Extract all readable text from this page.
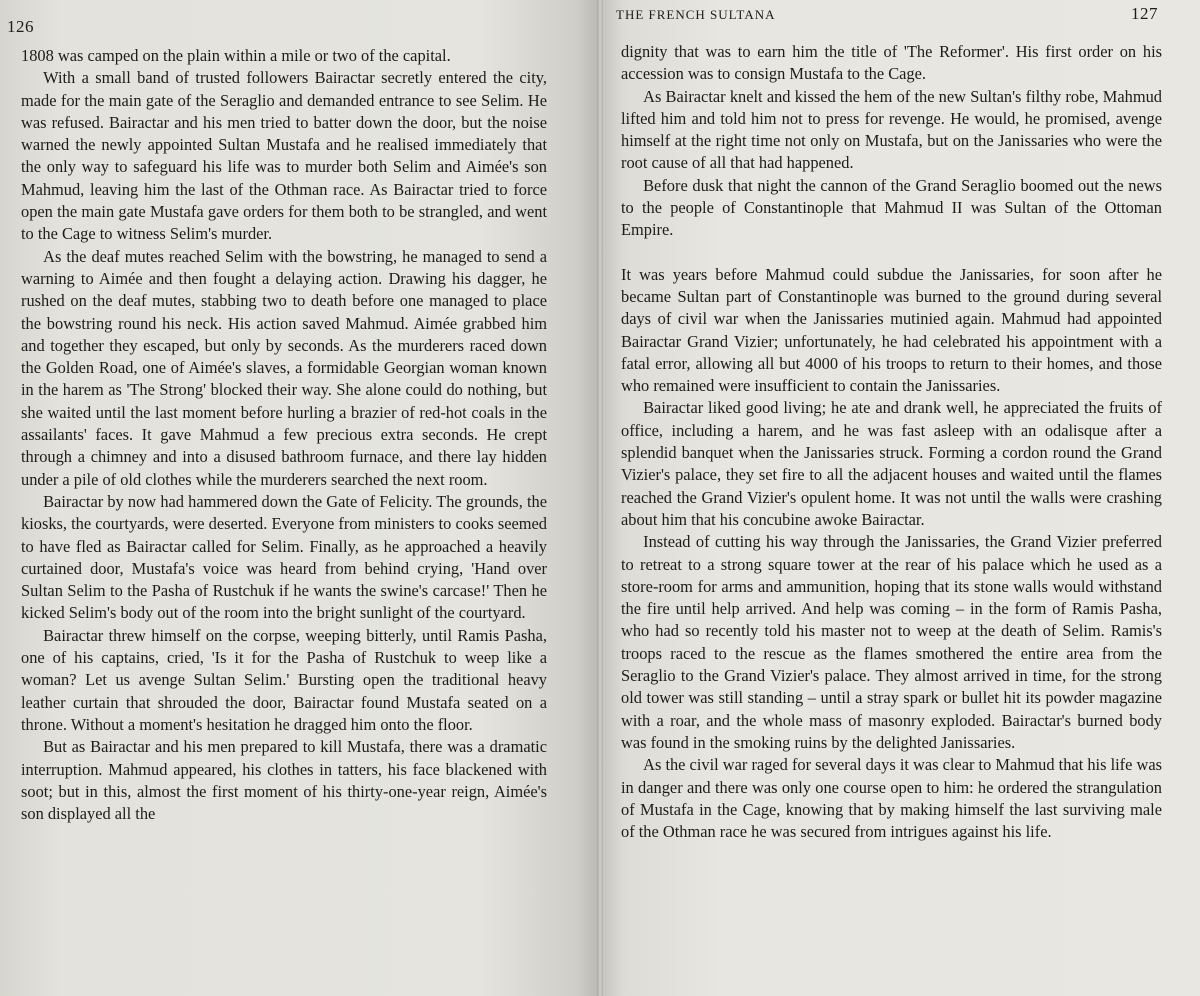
126

1808 was camped on the plain within a mile or two of the capital.

With a small band of trusted followers Bairactar secretly entered the city, made for the main gate of the Seraglio and demanded entrance to see Selim. He was refused. Bairactar and his men tried to batter down the door, but the noise warned the newly appointed Sultan Mustafa and he realised immediately that the only way to safeguard his life was to murder both Selim and Aimée's son Mahmud, leaving him the last of the Othman race. As Bairactar tried to force open the main gate Mustafa gave orders for them both to be strangled, and went to the Cage to witness Selim's murder.

As the deaf mutes reached Selim with the bowstring, he managed to send a warning to Aimée and then fought a delaying action. Drawing his dagger, he rushed on the deaf mutes, stabbing two to death before one managed to place the bowstring round his neck. His action saved Mahmud. Aimée grabbed him and together they escaped, but only by seconds. As the murderers raced down the Golden Road, one of Aimée's slaves, a formidable Georgian woman known in the harem as 'The Strong' blocked their way. She alone could do nothing, but she waited until the last moment before hurling a brazier of red-hot coals in the assailants' faces. It gave Mahmud a few precious extra seconds. He crept through a chimney and into a disused bathroom furnace, and there lay hidden under a pile of old clothes while the murderers searched the next room.

Bairactar by now had hammered down the Gate of Felicity. The grounds, the kiosks, the courtyards, were deserted. Everyone from ministers to cooks seemed to have fled as Bairactar called for Selim. Finally, as he approached a heavily curtained door, Mustafa's voice was heard from behind crying, 'Hand over Sultan Selim to the Pasha of Rustchuk if he wants the swine's carcase!' Then he kicked Selim's body out of the room into the bright sunlight of the courtyard.

Bairactar threw himself on the corpse, weeping bitterly, until Ramis Pasha, one of his captains, cried, 'Is it for the Pasha of Rustchuk to weep like a woman? Let us avenge Sultan Selim.' Bursting open the traditional heavy leather curtain that shrouded the door, Bairactar found Mustafa seated on a throne. Without a moment's hesitation he dragged him onto the floor.

But as Bairactar and his men prepared to kill Mustafa, there was a dramatic interruption. Mahmud appeared, his clothes in tatters, his face blackened with soot; but in this, almost the first moment of his thirty-one-year reign, Aimée's son displayed all the

THE FRENCH SULTANA	127

dignity that was to earn him the title of 'The Reformer'. His first order on his accession was to consign Mustafa to the Cage.

As Bairactar knelt and kissed the hem of the new Sultan's filthy robe, Mahmud lifted him and told him not to press for revenge. He would, he promised, avenge himself at the right time not only on Mustafa, but on the Janissaries who were the root cause of all that had happened.

Before dusk that night the cannon of the Grand Seraglio boomed out the news to the people of Constantinople that Mahmud II was Sultan of the Ottoman Empire.

It was years before Mahmud could subdue the Janissaries, for soon after he became Sultan part of Constantinople was burned to the ground during several days of civil war when the Janissaries mutinied again. Mahmud had appointed Bairactar Grand Vizier; unfortunately, he had celebrated his appointment with a fatal error, allowing all but 4000 of his troops to return to their homes, and those who remained were insufficient to contain the Janissaries.

Bairactar liked good living; he ate and drank well, he appreciated the fruits of office, including a harem, and he was fast asleep with an odalisque after a splendid banquet when the Janissaries struck. Forming a cordon round the Grand Vizier's palace, they set fire to all the adjacent houses and waited until the flames reached the Grand Vizier's opulent home. It was not until the walls were crashing about him that his concubine awoke Bairactar.

Instead of cutting his way through the Janissaries, the Grand Vizier preferred to retreat to a strong square tower at the rear of his palace which he used as a store-room for arms and ammunition, hoping that its stone walls would withstand the fire until help arrived. And help was coming – in the form of Ramis Pasha, who had so recently told his master not to weep at the death of Selim. Ramis's troops raced to the rescue as the flames smothered the entire area from the Seraglio to the Grand Vizier's palace. They almost arrived in time, for the strong old tower was still standing – until a stray spark or bullet hit its powder magazine with a roar, and the whole mass of masonry exploded. Bairactar's burned body was found in the smoking ruins by the delighted Janissaries.

As the civil war raged for several days it was clear to Mahmud that his life was in danger and there was only one course open to him: he ordered the strangulation of Mustafa in the Cage, knowing that by making himself the last surviving male of the Othman race he was secured from intrigues against his life.
